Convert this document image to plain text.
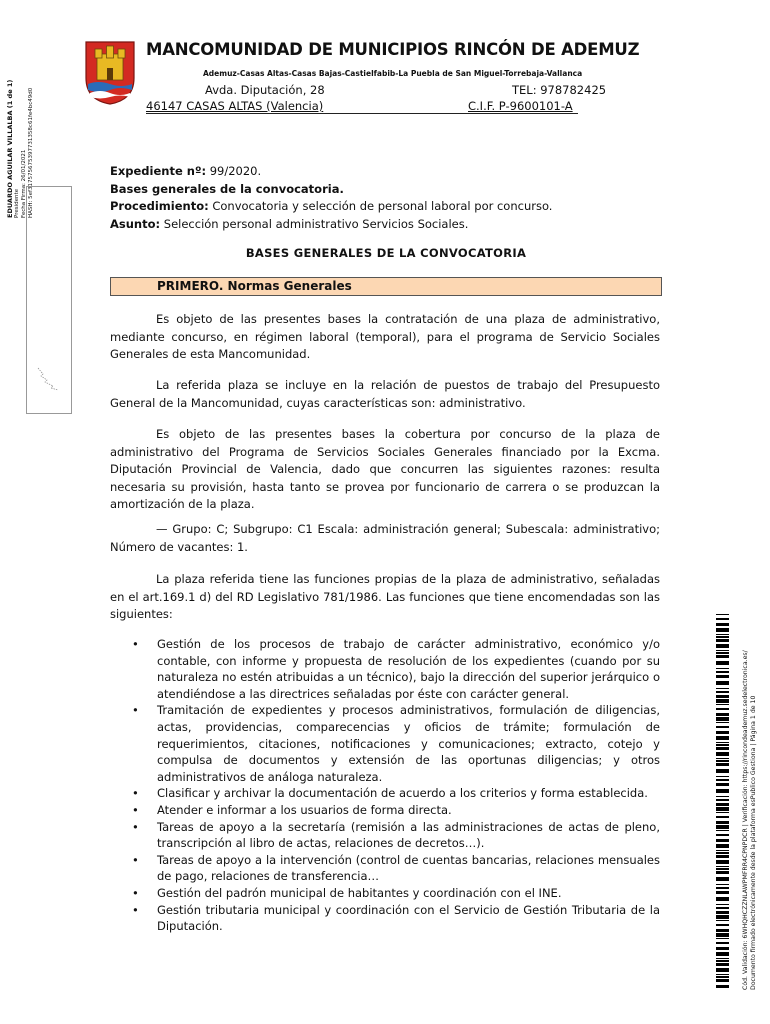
MANCOMUNIDAD DE MUNICIPIOS RINCÓN DE ADEMUZ
Ademuz-Casas Altas-Casas Bajas-Castielfabib-La Puebla de San Miguel-Torrebaja-Vallanca
Avda. Diputación, 28	TEL: 978782425
46147 CASAS ALTAS (Valencia)	C.I.F. P-9600101-A
EDUARDO AGUILAR VILLALBA (1 de 1) Presidente Fecha Firma: 26/01/2021 HASH: 5ef317575675397731358c61fe4bc49d0	Expediente nº: 99/2020.
Bases generales de la convocatoria.
Procedimiento: Convocatoria y selección de personal laboral por concurso.
Asunto: Selección personal administrativo Servicios Sociales.
BASES GENERALES DE LA CONVOCATORIA
PRIMERO. Normas Generales
Es objeto de las presentes bases la contratación de una plaza de administrativo, mediante concurso, en régimen laboral (temporal), para el programa de Servicio Sociales Generales de esta Mancomunidad.
La referida plaza se incluye en la relación de puestos de trabajo del Presupuesto General de la Mancomunidad, cuyas características son: administrativo.
Es objeto de las presentes bases la cobertura por concurso de la plaza de administrativo del Programa de Servicios Sociales Generales financiado por la Excma. Diputación Provincial de Valencia, dado que concurren las siguientes razones: resulta necesaria su provisión, hasta tanto se provea por funcionario de carrera o se produzcan la amortización de la plaza.
— Grupo: C; Subgrupo: C1 Escala: administración general; Subescala: administrativo; Número de vacantes: 1.
La plaza referida tiene las funciones propias de la plaza de administrativo, señaladas en el art.169.1 d) del RD Legislativo 781/1986. Las funciones que tiene encomendadas son las siguientes:
• Gestión de los procesos de trabajo de carácter administrativo, económico y/o contable, con informe y propuesta de resolución de los expedientes (cuando por su naturaleza no estén atribuidas a un técnico), bajo la dirección del superior jerárquico o atendiéndose a las directrices señaladas por éste con carácter general.
• Tramitación de expedientes y procesos administrativos, formulación de diligencias, actas, providencias, comparecencias y oficios de trámite; formulación de requerimientos, citaciones, notificaciones y comunicaciones; extracto, cotejo y compulsa de documentos y extensión de las oportunas diligencias; y otros administrativos de análoga naturaleza.
• Clasificar y archivar la documentación de acuerdo a los criterios y forma establecida.
• Atender e informar a los usuarios de forma directa.
• Tareas de apoyo a la secretaría (remisión a las administraciones de actas de pleno, transcripción al libro de actas, relaciones de decretos…).
• Tareas de apoyo a la intervención (control de cuentas bancarias, relaciones mensuales de pago, relaciones de transferencia…
• Gestión del padrón municipal de habitantes y coordinación con el INE.
• Gestión tributaria municipal y coordinación con el Servicio de Gestión Tributaria de la Diputación.	Cód. Validación: 6WHQHCZZNLAWPMFRR4CPNPDCR | Verificación: https://rincondeademuz.sedelectronica.es/ Documento firmado electrónicamente desde la plataforma esPublico Gestiona | Página 1 de 10
